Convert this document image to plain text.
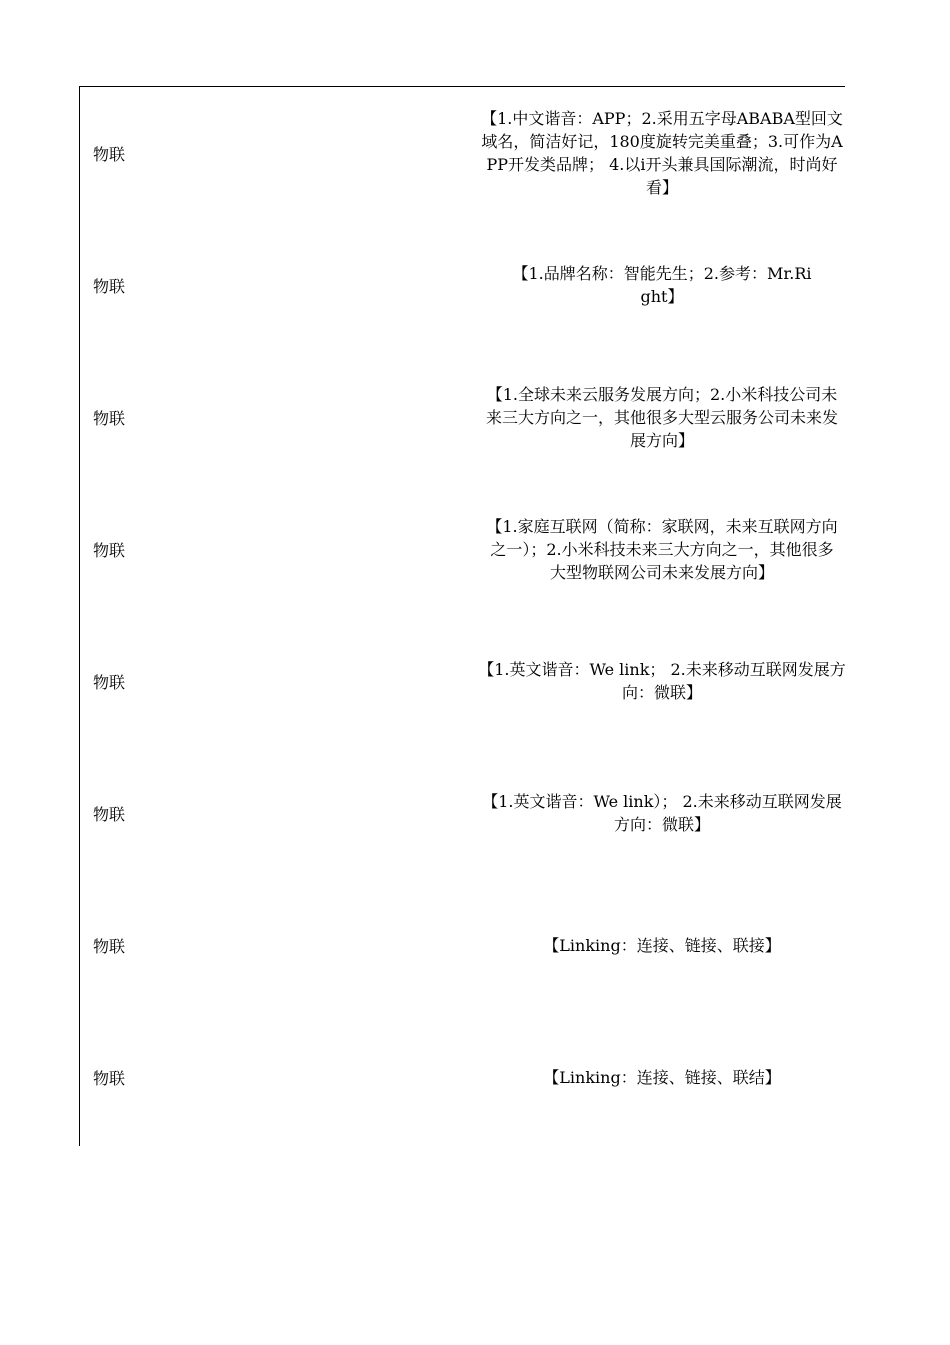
物联
【1.中文谐音：APP；2.采用五字母ABABA型回文域名，简洁好记，180度旋转完美重叠；3.可作为APP开发类品牌； 4.以i开头兼具国际潮流，时尚好看】
物联
【1.品牌名称：智能先生；2.参考：Mr.Right】
物联
【1.全球未来云服务发展方向；2.小米科技公司未来三大方向之一，其他很多大型云服务公司未来发展方向】
物联
【1.家庭互联网（简称：家联网，未来互联网方向之一）；2.小米科技未来三大方向之一，其他很多大型物联网公司未来发展方向】
物联
【1.英文谐音：We link； 2.未来移动互联网发展方向：微联】
物联
【1.英文谐音：We link）； 2.未来移动互联网发展方向：微联】
物联	【Linking：连接、链接、联接】
物联	【Linking：连接、链接、联结】
